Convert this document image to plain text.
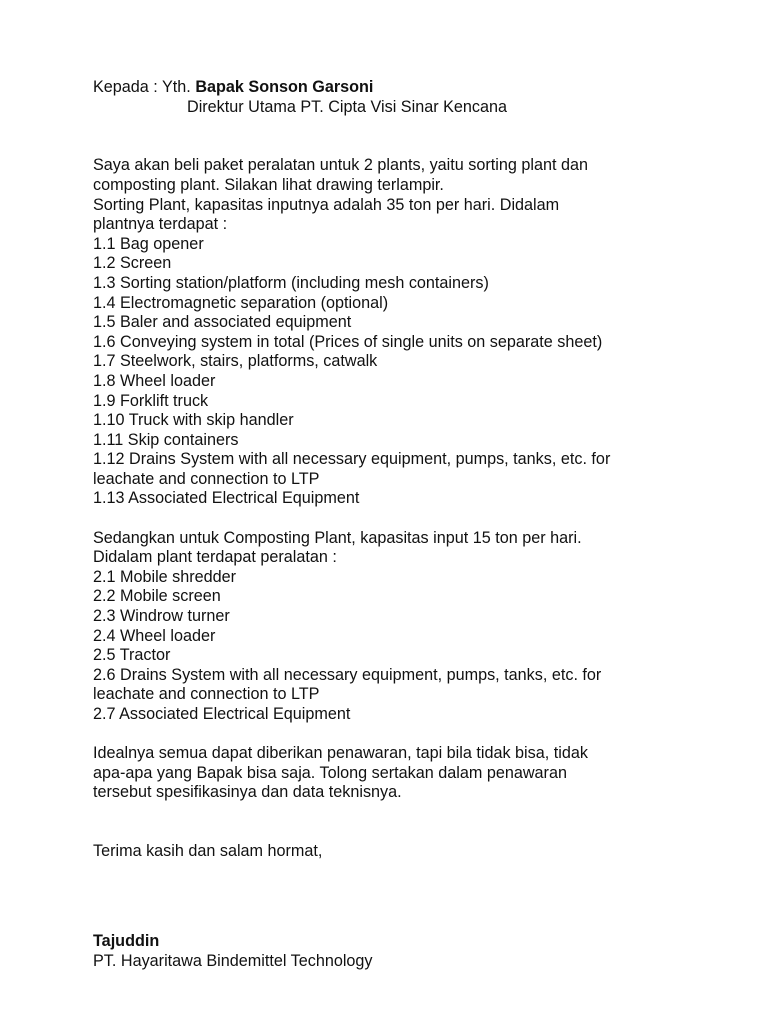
Kepada : Yth. Bapak Sonson Garsoni
Direktur Utama PT. Cipta Visi Sinar Kencana
Saya akan beli paket peralatan untuk 2 plants, yaitu sorting plant dan
composting plant. Silakan lihat drawing terlampir.
Sorting Plant, kapasitas inputnya adalah 35 ton per hari. Didalam
plantnya terdapat :
1.1 Bag opener
1.2 Screen
1.3 Sorting station/platform (including mesh containers)
1.4 Electromagnetic separation (optional)
1.5 Baler and associated equipment
1.6 Conveying system in total (Prices of single units on separate sheet)
1.7 Steelwork, stairs, platforms, catwalk
1.8 Wheel loader
1.9 Forklift truck
1.10 Truck with skip handler
1.11 Skip containers
1.12 Drains System with all necessary equipment, pumps, tanks, etc. for
leachate and connection to LTP
1.13 Associated Electrical Equipment
Sedangkan untuk Composting Plant, kapasitas input 15 ton per hari.
Didalam plant terdapat peralatan :
2.1 Mobile shredder
2.2 Mobile screen
2.3 Windrow turner
2.4 Wheel loader
2.5 Tractor
2.6 Drains System with all necessary equipment, pumps, tanks, etc. for
leachate and connection to LTP
2.7 Associated Electrical Equipment
Idealnya semua dapat diberikan penawaran, tapi bila tidak bisa, tidak
apa-apa yang Bapak bisa saja. Tolong sertakan dalam penawaran
tersebut spesifikasinya dan data teknisnya.
Terima kasih dan salam hormat,
Tajuddin
PT. Hayaritawa Bindemittel Technology
